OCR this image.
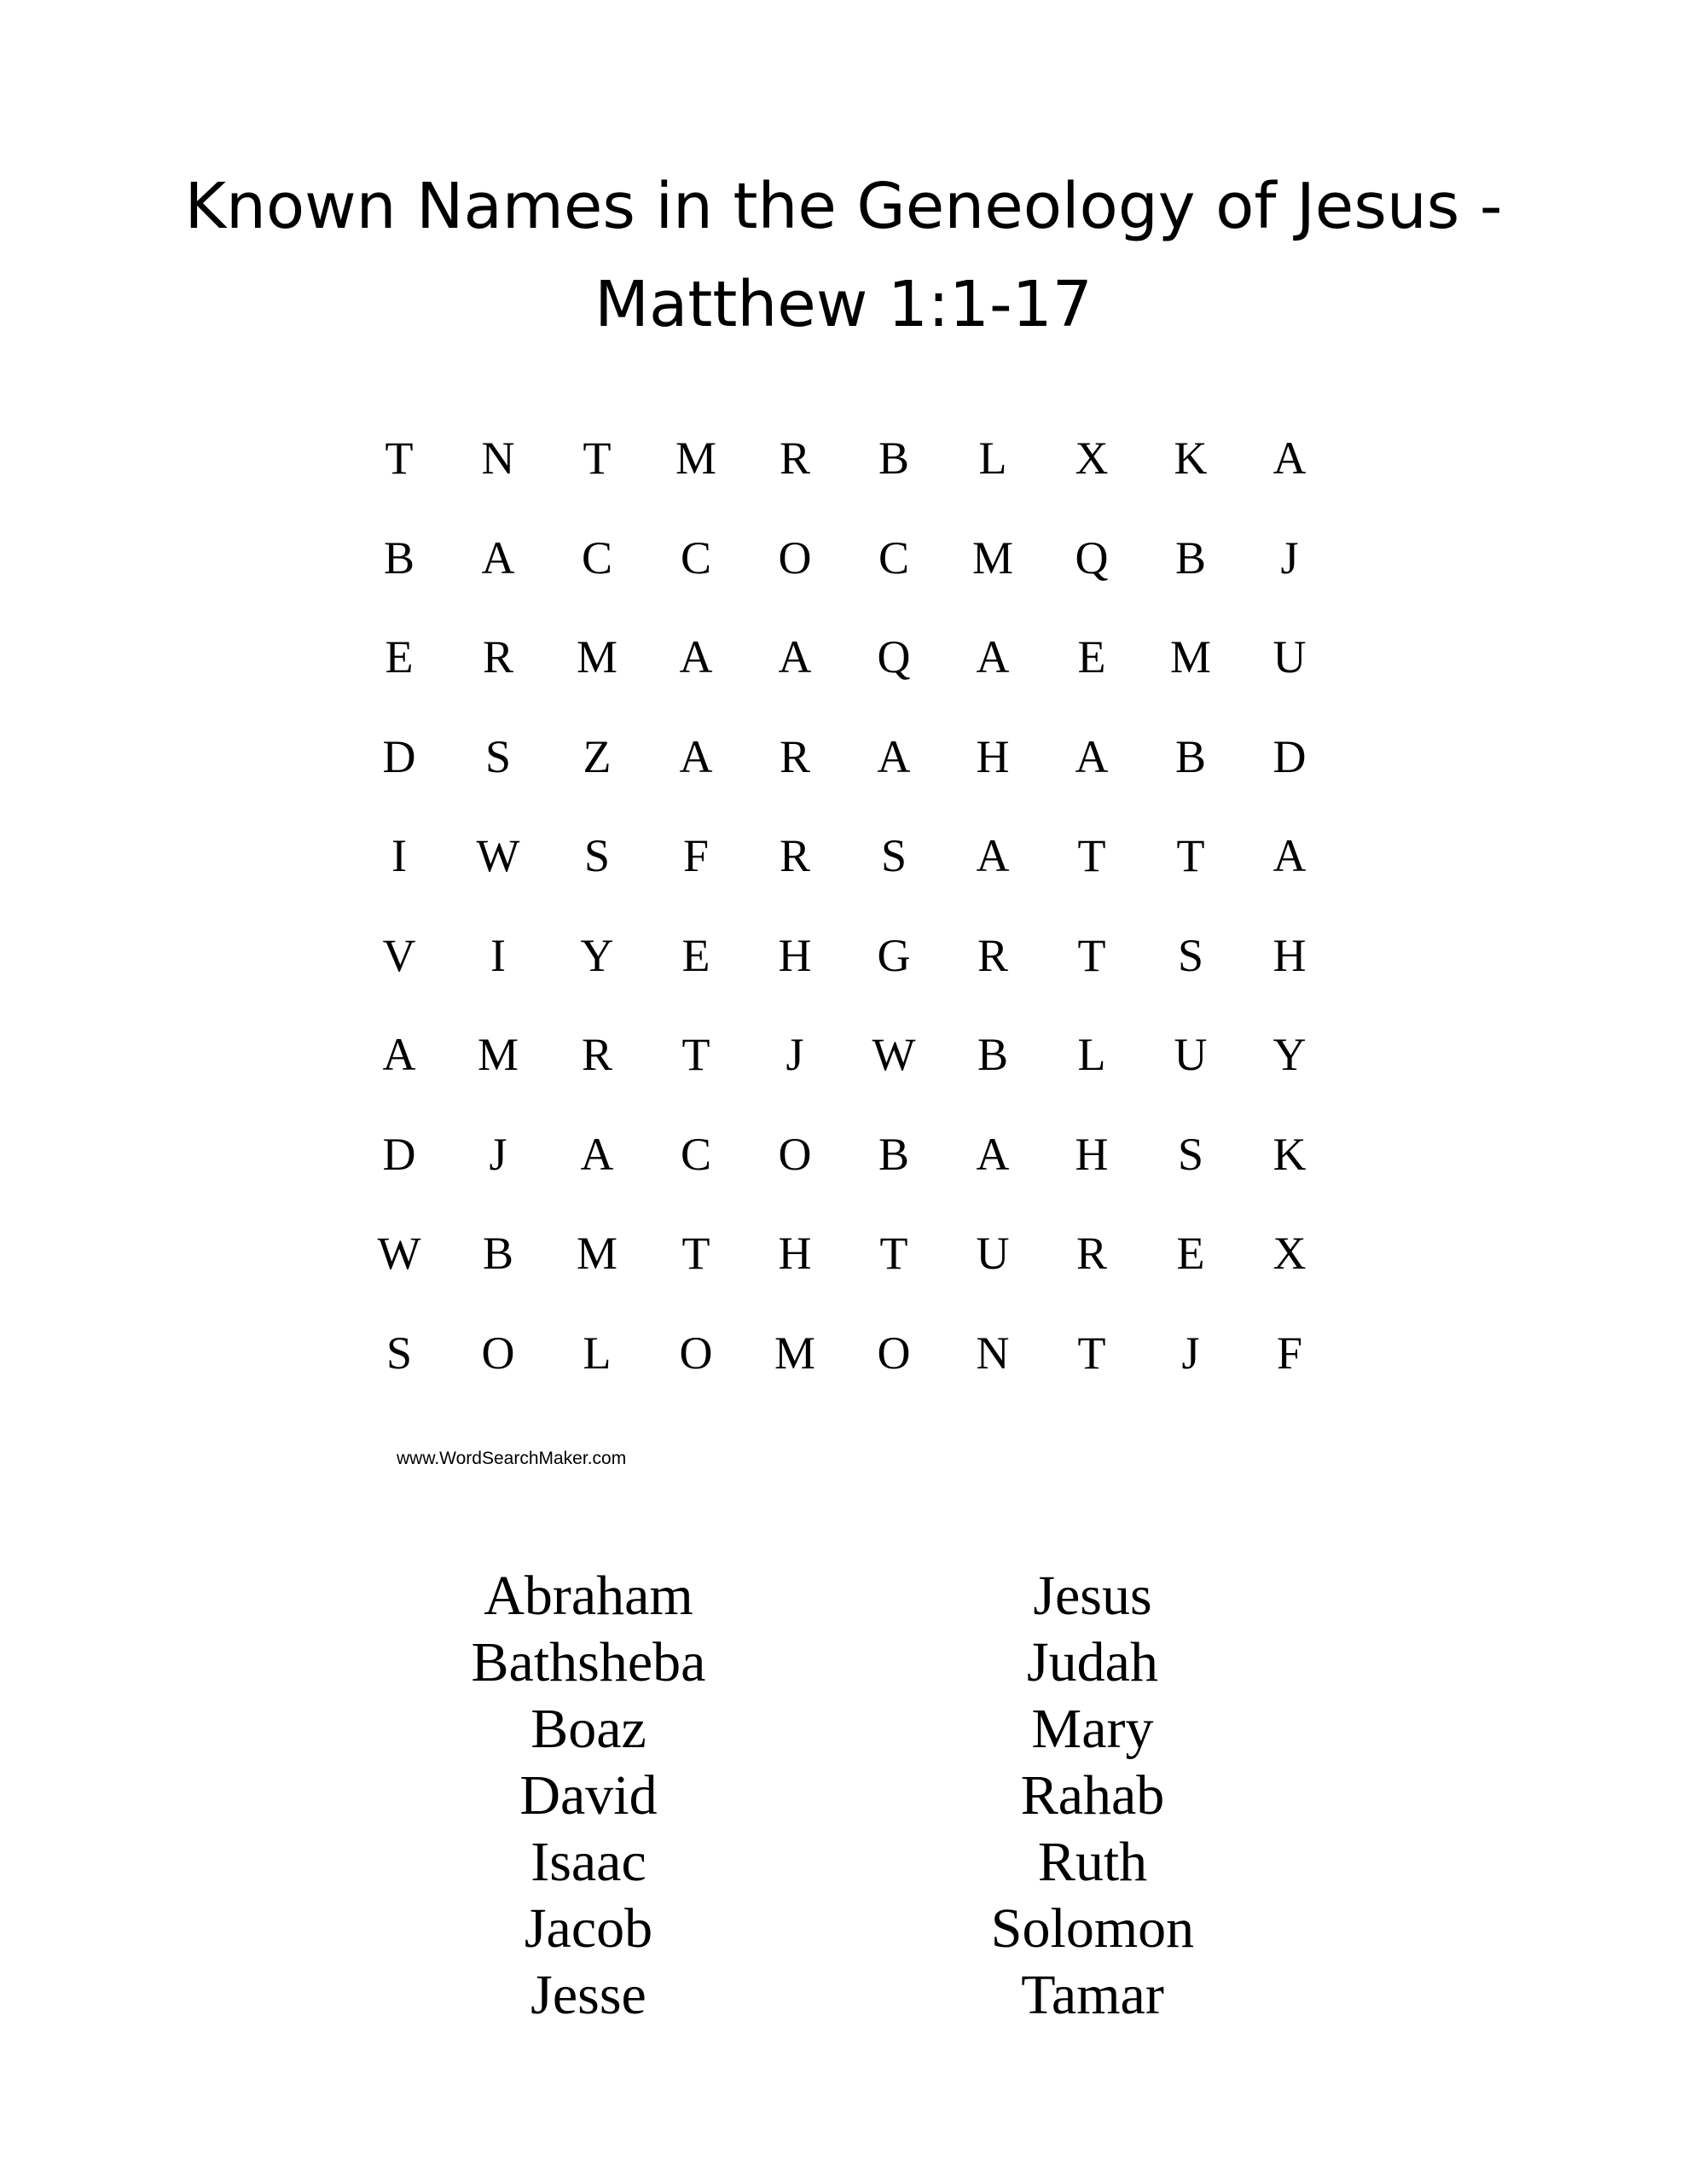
Known Names in the Geneology of Jesus -
Matthew 1:1-17
T	N	T	M	R	B	L	X	K	A
B	A	C	C	O	C	M	Q	B	J
E	R	M	A	A	Q	A	E	M	U
D	S	Z	A	R	A	H	A	B	D
I	W	S	F	R	S	A	T	T	A
V	I	Y	E	H	G	R	T	S	H
A	M	R	T	J	W	B	L	U	Y
D	J	A	C	O	B	A	H	S	K
W	B	M	T	H	T	U	R	E	X
S	O	L	O	M	O	N	T	J	F
www.WordSearchMaker.com
Abraham
Bathsheba
Boaz
David
Isaac
Jacob
Jesse
Jesus
Judah
Mary
Rahab
Ruth
Solomon
Tamar
